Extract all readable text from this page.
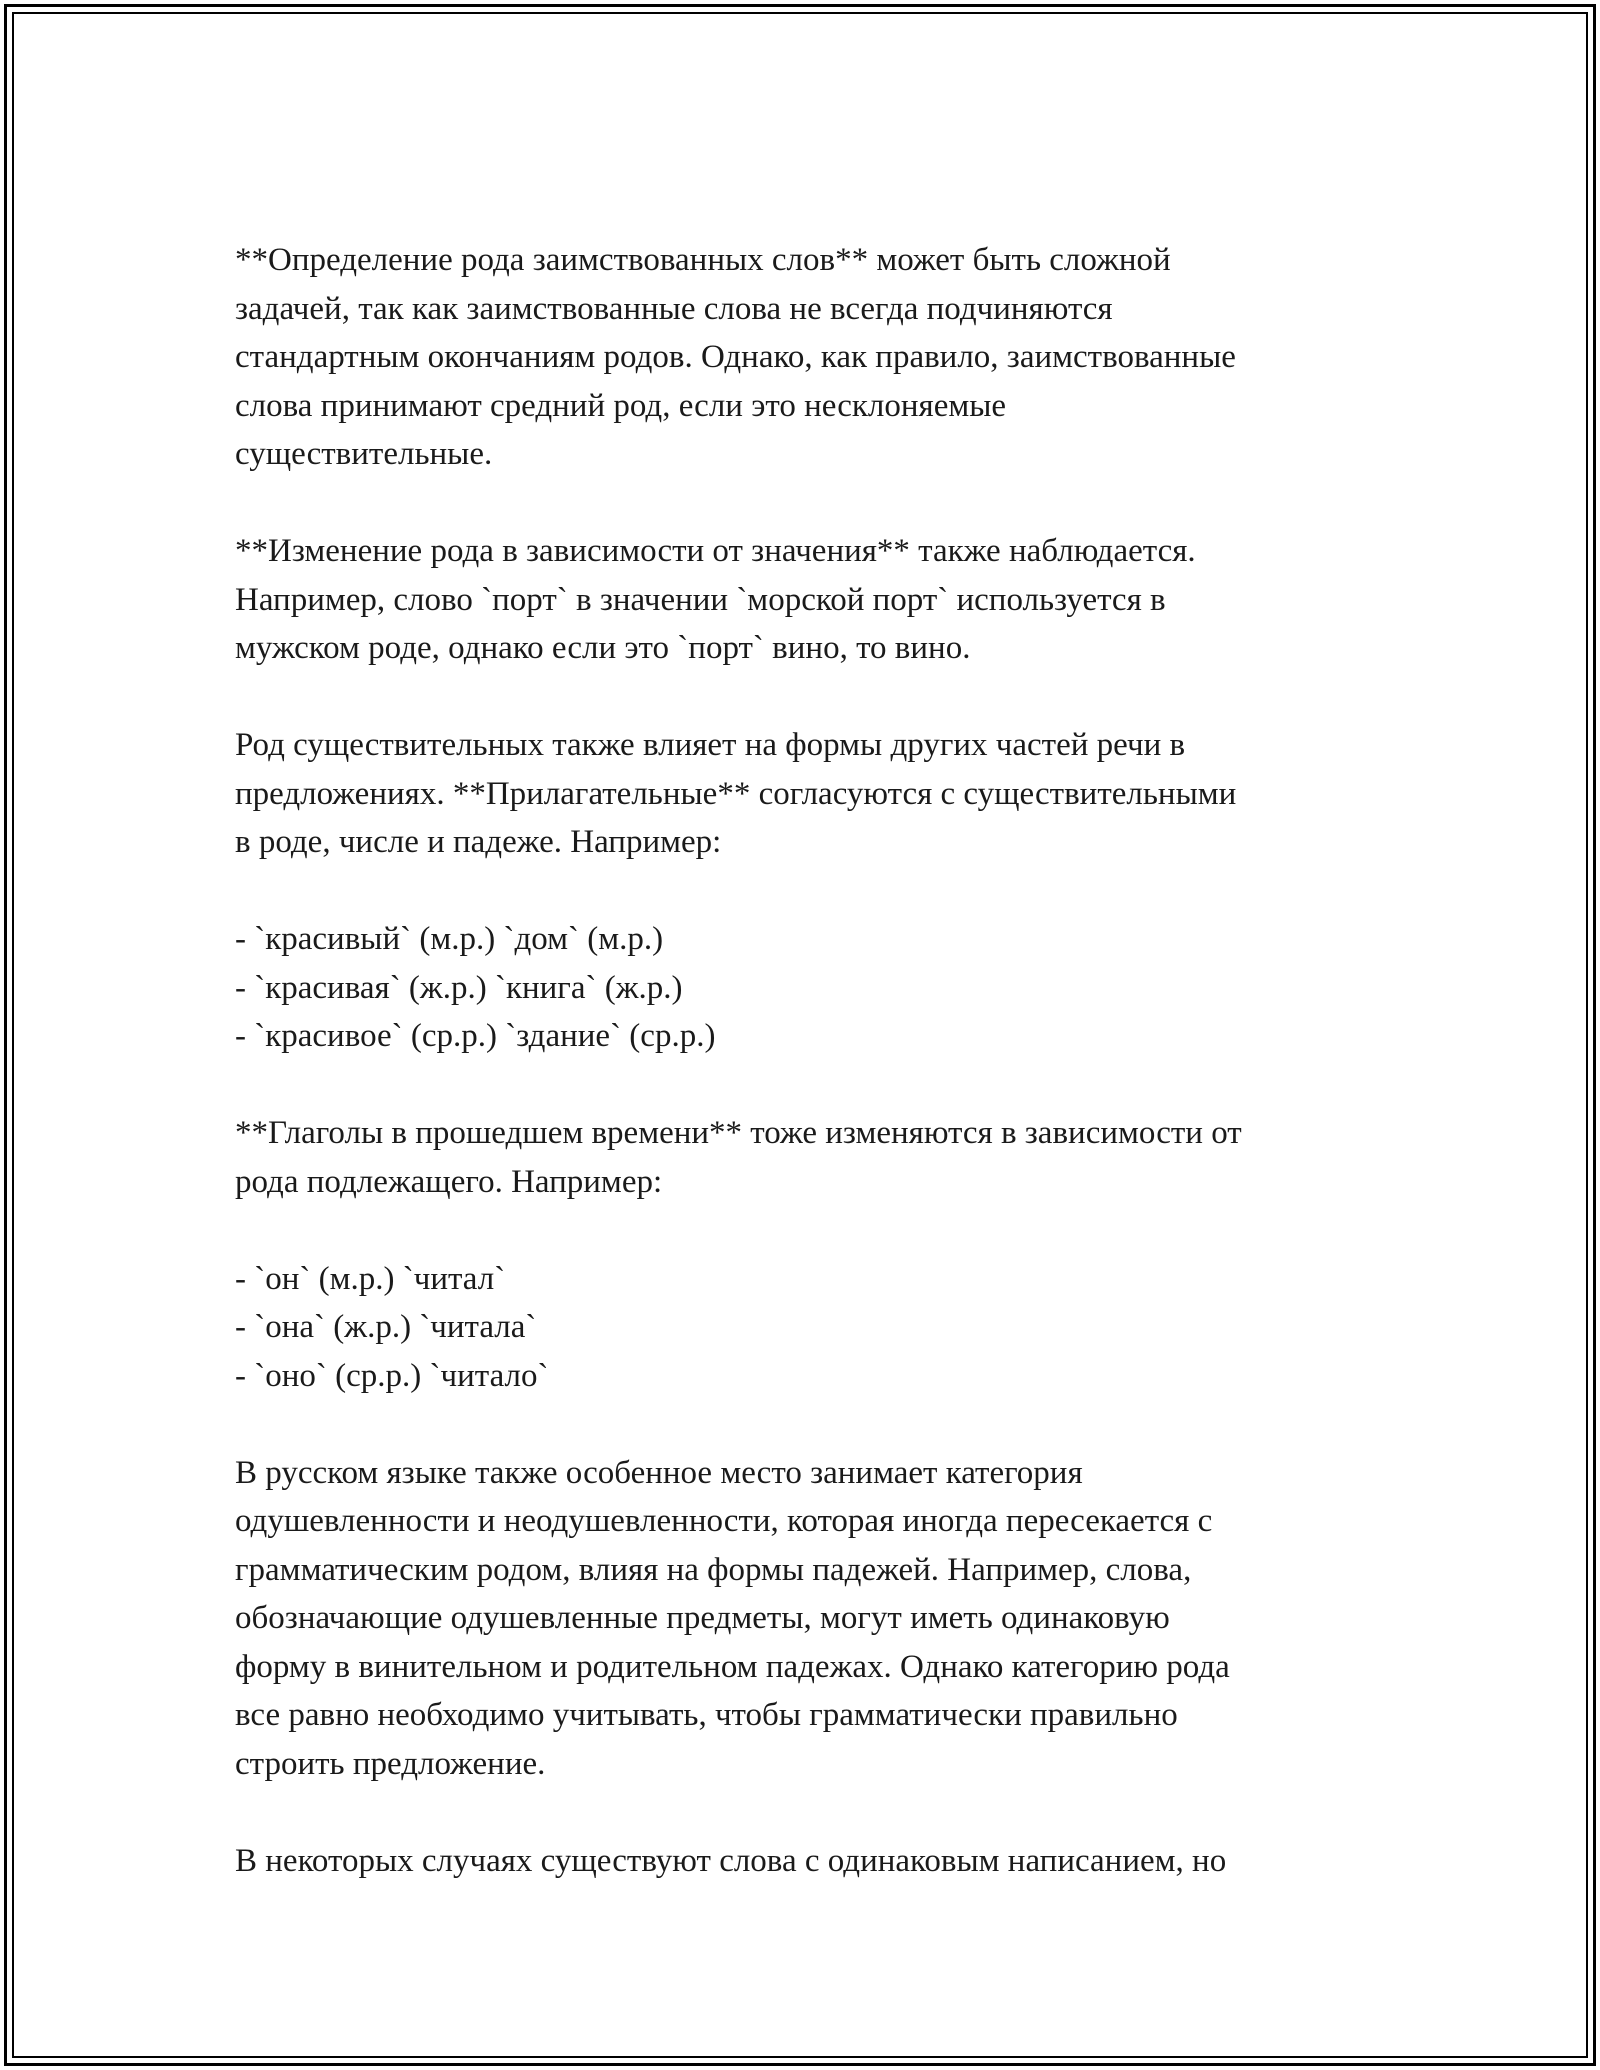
**Определение рода заимствованных слов** может быть сложной

задачей, так как заимствованные слова не всегда подчиняются

стандартным окончаниям родов. Однако, как правило, заимствованные

слова принимают средний род, если это несклоняемые

существительные.

**Изменение рода в зависимости от значения** также наблюдается.

Например, слово `порт` в значении `морской порт` используется в

мужском роде, однако если это `порт` вино, то вино.

Род существительных также влияет на формы других частей речи в

предложениях. **Прилагательные** согласуются с существительными

в роде, числе и падеже. Например:

- `красивый` (м.р.) `дом` (м.р.)

- `красивая` (ж.р.) `книга` (ж.р.)

- `красивое` (ср.р.) `здание` (ср.р.)

**Глаголы в прошедшем времени** тоже изменяются в зависимости от

рода подлежащего. Например:

- `он` (м.р.) `читал`

- `она` (ж.р.) `читала`

- `оно` (ср.р.) `читало`

В русском языке также особенное место занимает категория

одушевленности и неодушевленности, которая иногда пересекается с

грамматическим родом, влияя на формы падежей. Например, слова,

обозначающие одушевленные предметы, могут иметь одинаковую

форму в винительном и родительном падежах. Однако категорию рода

все равно необходимо учитывать, чтобы грамматически правильно

строить предложение.

В некоторых случаях существуют слова с одинаковым написанием, но
